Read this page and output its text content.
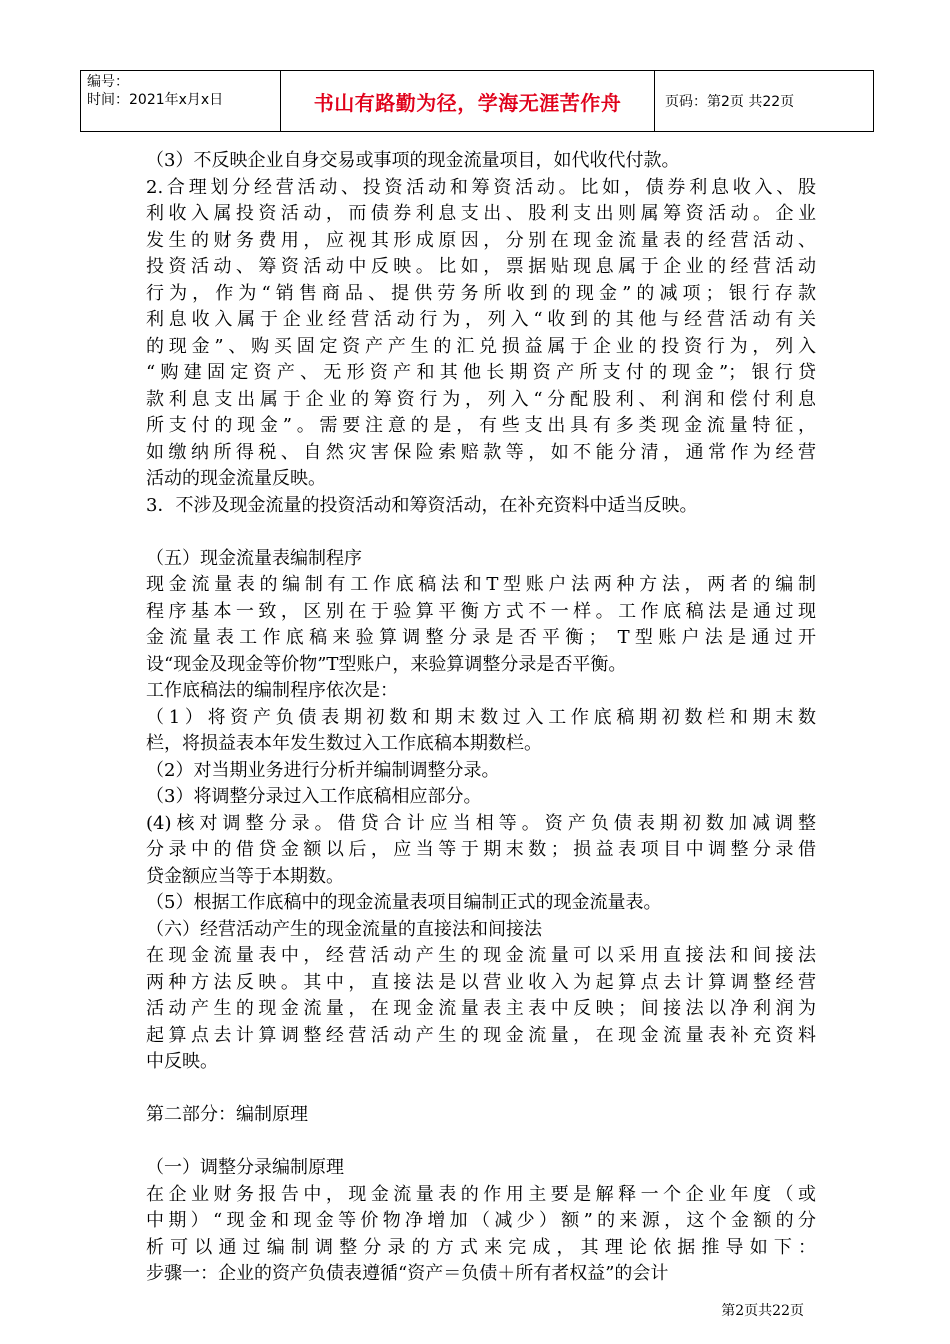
编号：
时间：2021年x月x日	书山有路勤为径，学海无涯苦作舟	页码：第2页 共22页
（3）不反映企业自身交易或事项的现金流量项目，如代收代付款。
2.合理划分经营活动、投资活动和筹资活动。比如，债券利息收入、股
利收入属投资活动，而债券利息支出、股利支出则属筹资活动。企业
发生的财务费用，应视其形成原因，分别在现金流量表的经营活动、
投资活动、筹资活动中反映。比如，票据贴现息属于企业的经营活动
行为，作为“销售商品、提供劳务所收到的现金”的减项；银行存款
利息收入属于企业经营活动行为，列入“收到的其他与经营活动有关
的现金”、购买固定资产产生的汇兑损益属于企业的投资行为，列入
“购建固定资产、无形资产和其他长期资产所支付的现金”；银行贷
款利息支出属于企业的筹资行为，列入“分配股利、利润和偿付利息
所支付的现金”。需要注意的是，有些支出具有多类现金流量特征，
如缴纳所得税、自然灾害保险索赔款等，如不能分清，通常作为经营
活动的现金流量反映。
3．不涉及现金流量的投资活动和筹资活动，在补充资料中适当反映。
（五）现金流量表编制程序
现金流量表的编制有工作底稿法和T型账户法两种方法，两者的编制
程序基本一致，区别在于验算平衡方式不一样。工作底稿法是通过现
金流量表工作底稿来验算调整分录是否平衡； T型账户法是通过开
设“现金及现金等价物”T型账户，来验算调整分录是否平衡。
工作底稿法的编制程序依次是：
（1）将资产负债表期初数和期末数过入工作底稿期初数栏和期末数
栏，将损益表本年发生数过入工作底稿本期数栏。
（2）对当期业务进行分析并编制调整分录。
（3）将调整分录过入工作底稿相应部分。
(4)核对调整分录。借贷合计应当相等。资产负债表期初数加减调整
分录中的借贷金额以后，应当等于期末数；损益表项目中调整分录借
贷金额应当等于本期数。
（5）根据工作底稿中的现金流量表项目编制正式的现金流量表。
（六）经营活动产生的现金流量的直接法和间接法
在现金流量表中，经营活动产生的现金流量可以采用直接法和间接法
两种方法反映。其中，直接法是以营业收入为起算点去计算调整经营
活动产生的现金流量，在现金流量表主表中反映；间接法以净利润为
起算点去计算调整经营活动产生的现金流量，在现金流量表补充资料
中反映。
第二部分：编制原理
（一）调整分录编制原理
在企业财务报告中，现金流量表的作用主要是解释一个企业年度（或
中期）“现金和现金等价物净增加（减少）额”的来源，这个金额的分
析可以通过编制调整分录的方式来完成，其理论依据推导如下：
步骤一：企业的资产负债表遵循“资产＝负债＋所有者权益”的会计
第2页共22页
